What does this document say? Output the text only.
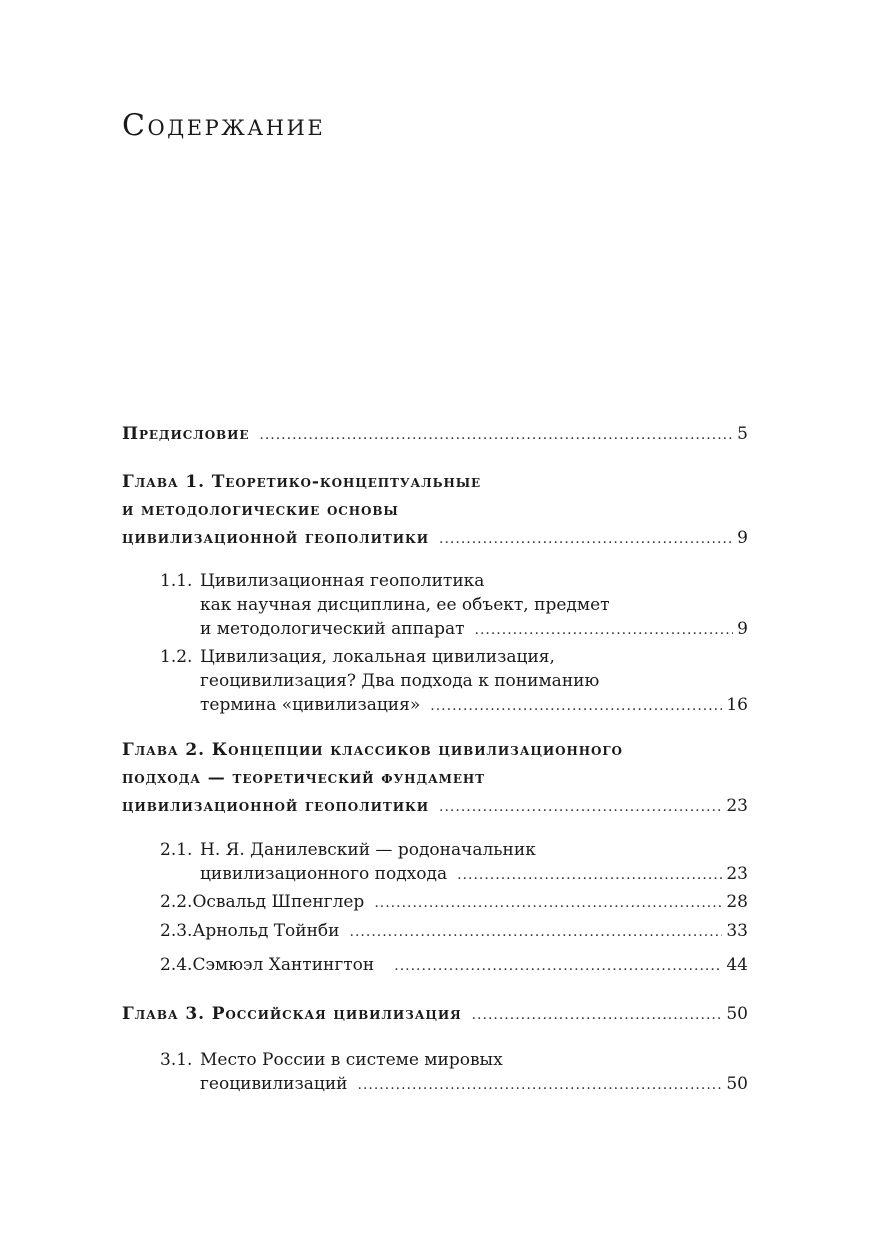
Содержание
Предисловие .....	5
Глава 1. Теоретико-концептуальные
и методологические основы
цивилизационной геополитики .....	9
1.1. Цивилизационная геополитика
как научная дисциплина, ее объект, предмет
и методологический аппарат .....	9
1.2. Цивилизация, локальная цивилизация,
геоцивилизация? Два подхода к пониманию
термина «цивилизация» .....	16
Глава 2. Концепции классиков цивилизационного
подхода — теоретический фундамент
цивилизационной геополитики .....	23
2.1. Н. Я. Данилевский — родоначальник
цивилизационного подхода .....	23
2.2. Освальд Шпенглер .....	28
2.3. Арнольд Тойнби .....	33
2.4. Сэмюэл Хантингтон .....	44
Глава 3. Российская цивилизация .....	50
3.1. Место России в системе мировых
геоцивилизаций .....	50
